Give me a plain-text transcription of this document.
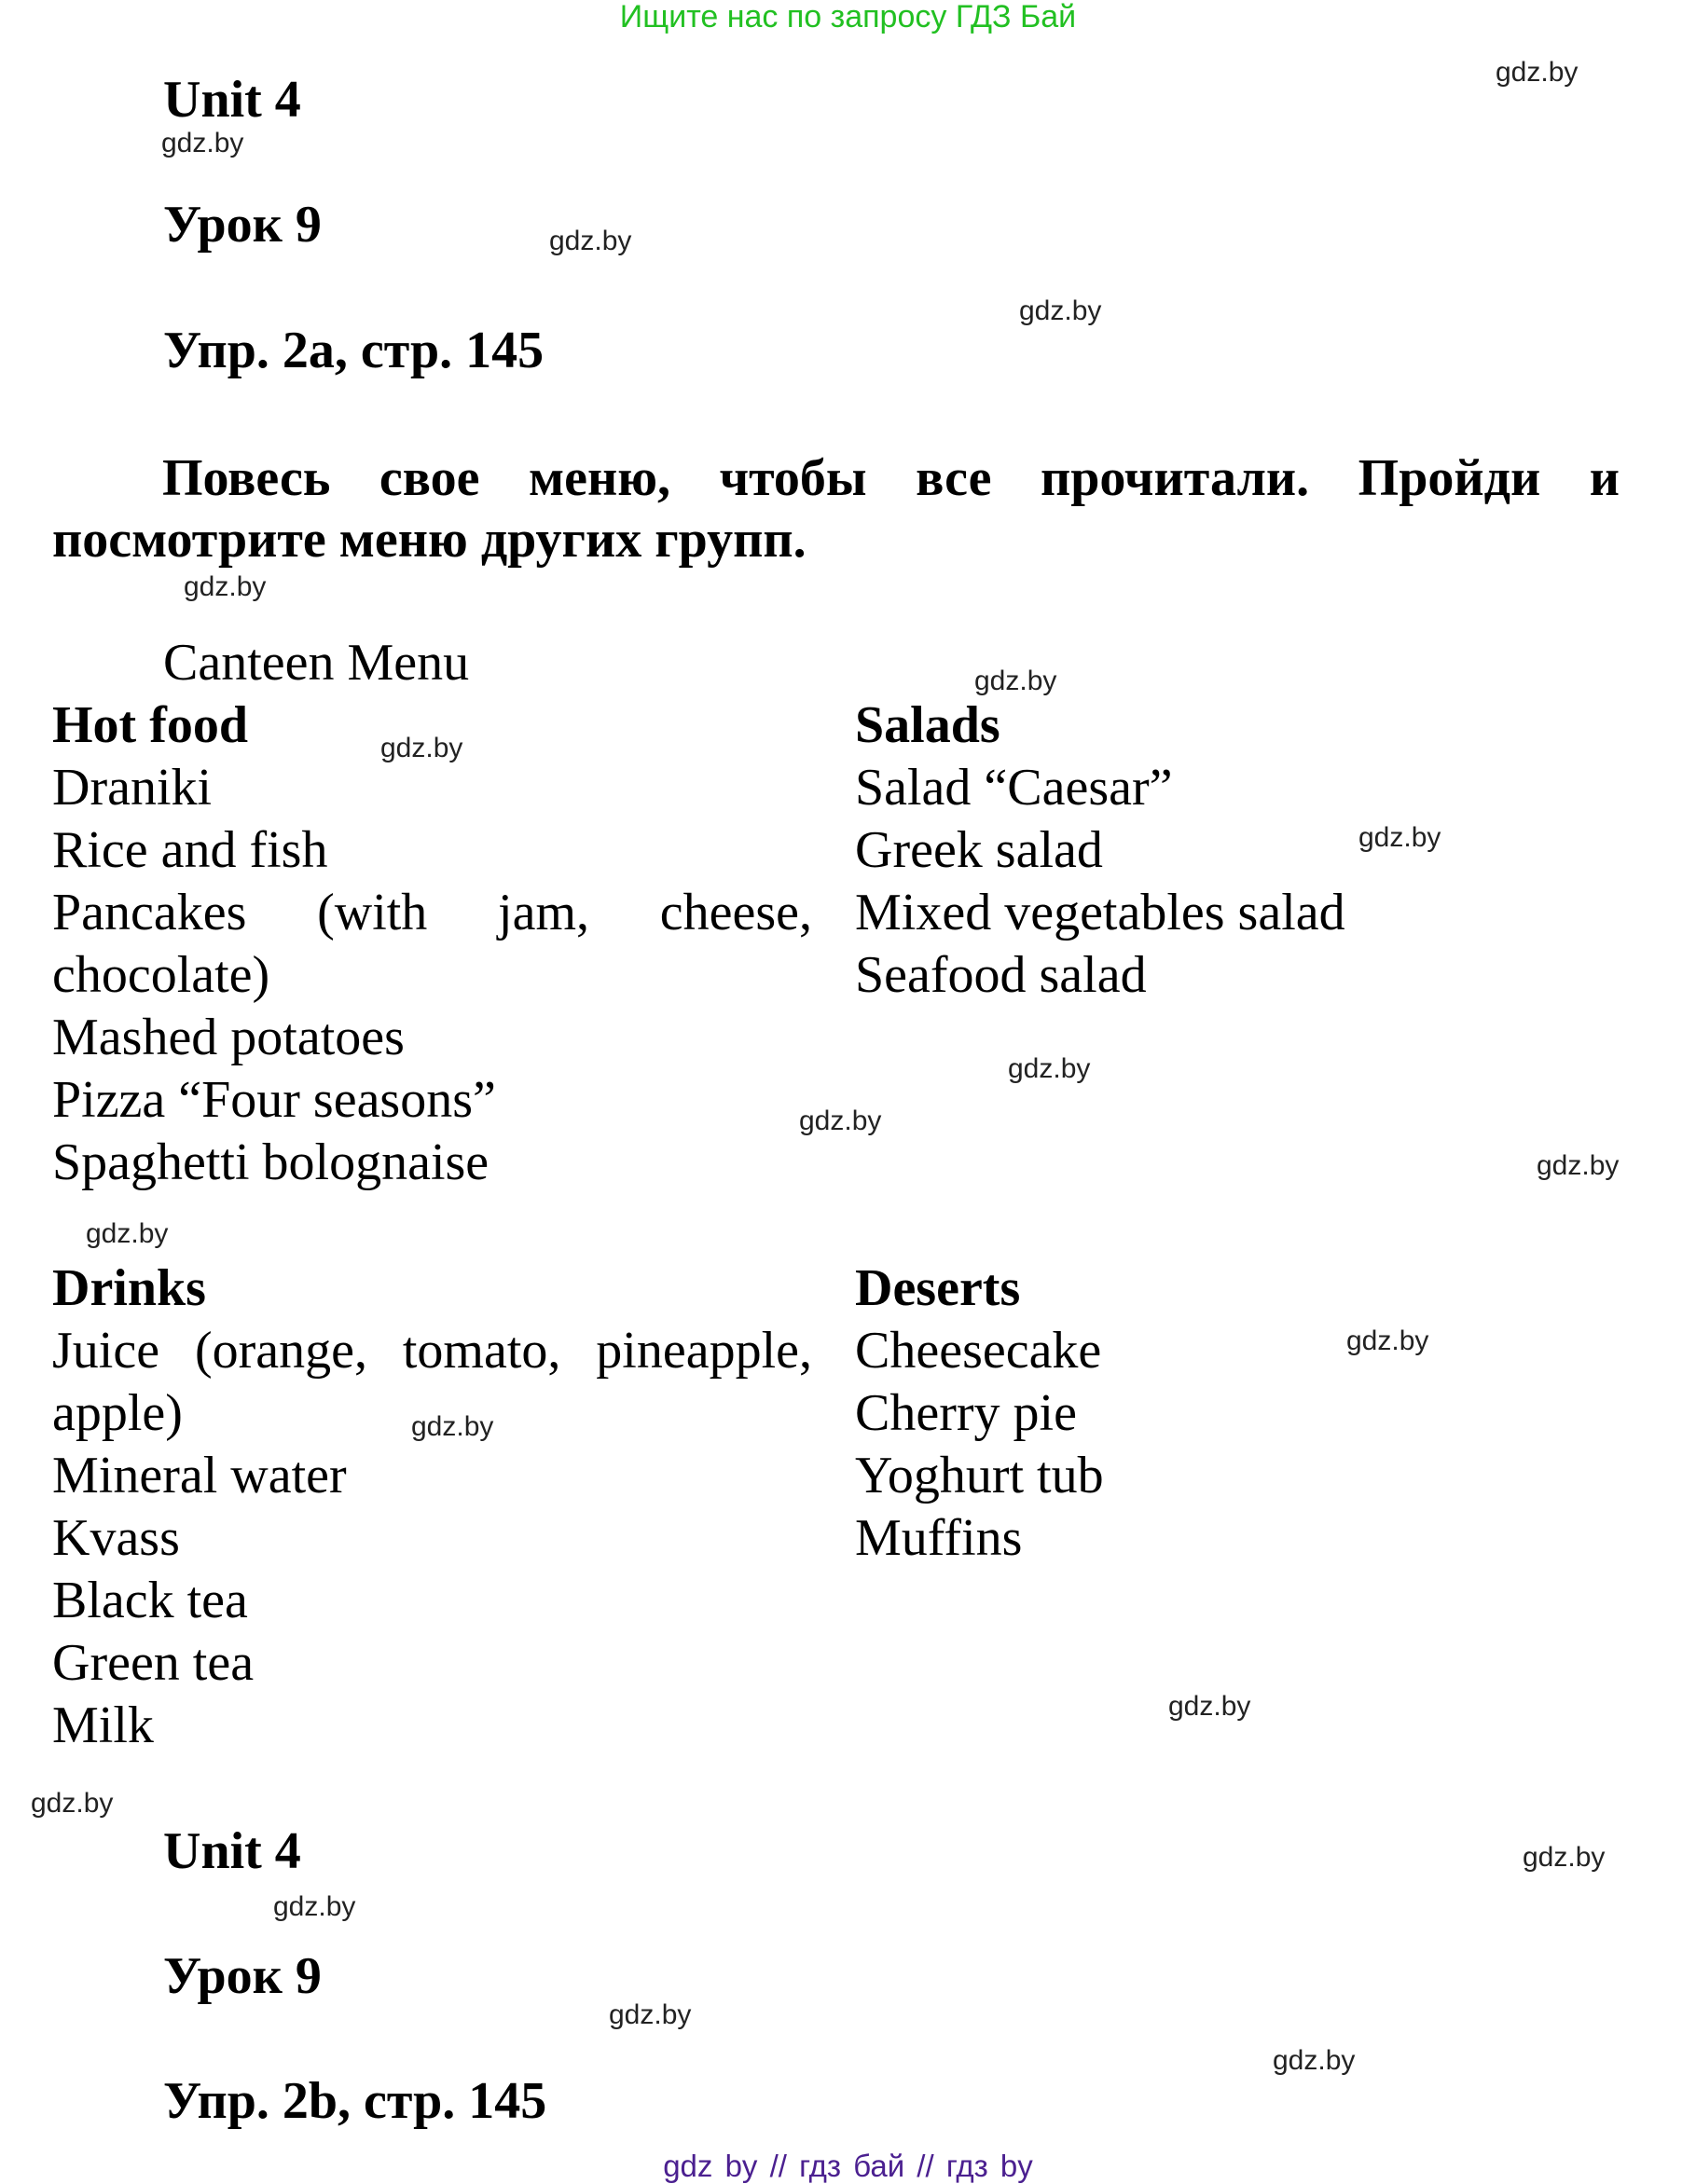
Ищите нас по запросу ГДЗ Бай
Unit 4
Урок 9
Упр. 2а, стр. 145
Повесь свое меню, чтобы все прочитали. Пройди и
посмотрите меню других групп.
Canteen Menu
Hot food
Draniki
Rice and fish
Pancakes (with jam, cheese,
chocolate)
Mashed potatoes
Pizza “Four seasons”
Spaghetti bolognaise
Salads
Salad “Caesar”
Greek salad
Mixed vegetables salad
Seafood salad
Drinks
Juice (orange, tomato, pineapple,
apple)
Mineral water
Kvass
Black tea
Green tea
Milk
Deserts
Cheesecake
Cherry pie
Yoghurt tub
Muffins
Unit 4
Урок 9
Упр. 2b, стр. 145
gdz.by
gdz.by
gdz.by
gdz.by
gdz.by
gdz.by
gdz.by
gdz.by
gdz.by
gdz.by
gdz.by
gdz.by
gdz.by
gdz.by
gdz.by
gdz.by
gdz.by
gdz.by
gdz.by
gdz.by
gdz by // гдз бай // гдз by
